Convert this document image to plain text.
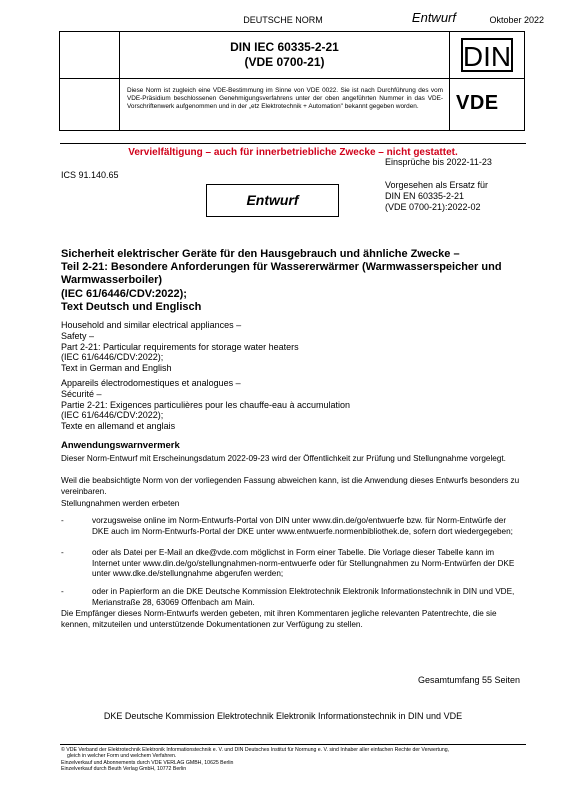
DEUTSCHE NORM	Entwurf	Oktober 2022
DIN IEC 60335-2-21
(VDE 0700-21)	DIN
VDE
Diese Norm ist zugleich eine VDE-Bestimmung im Sinne von VDE 0022. Sie ist nach Durchführung des vom VDE-Präsidium beschlossenen Genehmigungsverfahrens unter der oben angeführten Nummer in das VDE-Vorschriftenwerk aufgenommen und in der „etz Elektrotechnik + Automation" bekannt gegeben worden.
Vervielfältigung – auch für innerbetriebliche Zwecke – nicht gestattet.
Einsprüche bis 2022-11-23
ICS 91.140.65
Vorgesehen als Ersatz für
DIN EN 60335-2-21
(VDE 0700-21):2022-02
Entwurf
Sicherheit elektrischer Geräte für den Hausgebrauch und ähnliche Zwecke –
Teil 2-21: Besondere Anforderungen für Wassererwärmer (Warmwasserspeicher und
Warmwasserboiler)
(IEC 61/6446/CDV:2022);
Text Deutsch und Englisch
Household and similar electrical appliances –
Safety –
Part 2-21: Particular requirements for storage water heaters
(IEC 61/6446/CDV:2022);
Text in German and English
Appareils électrodomestiques et analogues –
Sécurité –
Partie 2-21: Exigences particulières pour les chauffe-eau à accumulation
(IEC 61/6446/CDV:2022);
Texte en allemand et anglais
Anwendungswarnvermerk
Dieser Norm-Entwurf mit Erscheinungsdatum 2022-09-23 wird der Öffentlichkeit zur Prüfung und Stellungnahme vorgelegt.
Weil die beabsichtigte Norm von der vorliegenden Fassung abweichen kann, ist die Anwendung dieses Entwurfs besonders zu vereinbaren.
Stellungnahmen werden erbeten
-	vorzugsweise online im Norm-Entwurfs-Portal von DIN unter www.din.de/go/entwuerfe bzw. für Norm-Entwürfe der DKE auch im Norm-Entwurfs-Portal der DKE unter www.entwuerfe.normenbibliothek.de, sofern dort wiedergegeben;
-	oder als Datei per E-Mail an dke@vde.com möglichst in Form einer Tabelle. Die Vorlage dieser Tabelle kann im Internet unter www.din.de/go/stellungnahmen-norm-entwuerfe oder für Stellungnahmen zu Norm-Entwürfen der DKE unter www.dke.de/stellungnahme abgerufen werden;
-	oder in Papierform an die DKE Deutsche Kommission Elektrotechnik Elektronik Informationstechnik in DIN und VDE, Merianstraße 28, 63069 Offenbach am Main.
Die Empfänger dieses Norm-Entwurfs werden gebeten, mit ihren Kommentaren jegliche relevanten Patentrechte, die sie kennen, mitzuteilen und unterstützende Dokumentationen zur Verfügung zu stellen.
Gesamtumfang 55 Seiten
DKE Deutsche Kommission Elektrotechnik Elektronik Informationstechnik in DIN und VDE
© VDE Verband der Elektrotechnik Elektronik Informationstechnik e. V. und DIN Deutsches Institut für Normung e. V. sind Inhaber aller einfachen Rechte der Verwertung,
gleich in welcher Form und welchem Verfahren.
Einzelverkauf und Abonnements durch VDE VERLAG GMBH, 10625 Berlin
Einzelverkauf durch Beuth Verlag GmbH, 10772 Berlin
